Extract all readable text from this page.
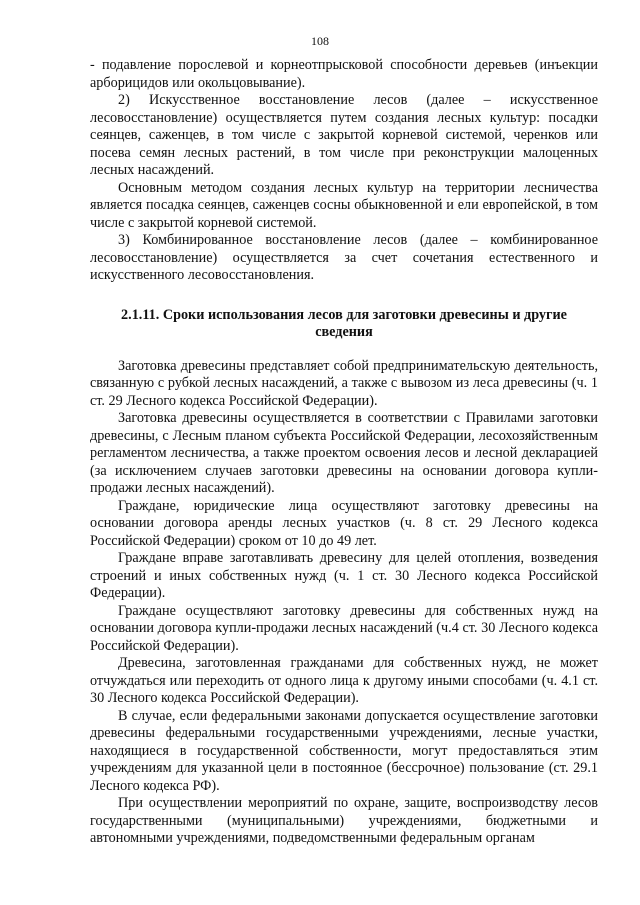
108

- подавление порослевой и корнеотпрысковой способности деревьев (инъекции арборицидов или окольцовывание).

2) Искусственное восстановление лесов (далее – искусственное лесовосстановление) осуществляется путем создания лесных культур: посадки сеянцев, саженцев, в том числе с закрытой корневой системой, черенков или посева семян лесных растений, в том числе при реконструкции малоценных лесных насаждений.

Основным методом создания лесных культур на территории лесничества является посадка сеянцев, саженцев сосны обыкновенной и ели европейской, в том числе с закрытой корневой системой.

3) Комбинированное восстановление лесов (далее – комбинированное лесовосстановление) осуществляется за счет сочетания естественного и искусственного лесовосстановления.

2.1.11. Сроки использования лесов для заготовки древесины и другие сведения

Заготовка древесины представляет собой предпринимательскую деятельность, связанную с рубкой лесных насаждений, а также с вывозом из леса древесины (ч. 1 ст. 29 Лесного кодекса Российской Федерации).

Заготовка древесины осуществляется в соответствии с Правилами заготовки древесины, с Лесным планом субъекта Российской Федерации, лесохозяйственным регламентом лесничества, а также проектом освоения лесов и лесной декларацией (за исключением случаев заготовки древесины на основании договора купли-продажи лесных насаждений).

Граждане, юридические лица осуществляют заготовку древесины на основании договора аренды лесных участков (ч. 8 ст. 29 Лесного кодекса Российской Федерации) сроком от 10 до 49 лет.

Граждане вправе заготавливать древесину для целей отопления, возведения строений и иных собственных нужд (ч. 1 ст. 30 Лесного кодекса Российской Федерации).

Граждане осуществляют заготовку древесины для собственных нужд на основании договора купли-продажи лесных насаждений (ч.4 ст. 30 Лесного кодекса Российской Федерации).

Древесина, заготовленная гражданами для собственных нужд, не может отчуждаться или переходить от одного лица к другому иными способами (ч. 4.1 ст. 30 Лесного кодекса Российской Федерации).

В случае, если федеральными законами допускается осуществление заготовки древесины федеральными государственными учреждениями, лесные участки, находящиеся в государственной собственности, могут предоставляться этим учреждениям для указанной цели в постоянное (бессрочное) пользование (ст. 29.1 Лесного кодекса РФ).

При осуществлении мероприятий по охране, защите, воспроизводству лесов государственными (муниципальными) учреждениями, бюджетными и автономными учреждениями, подведомственными федеральным органам
